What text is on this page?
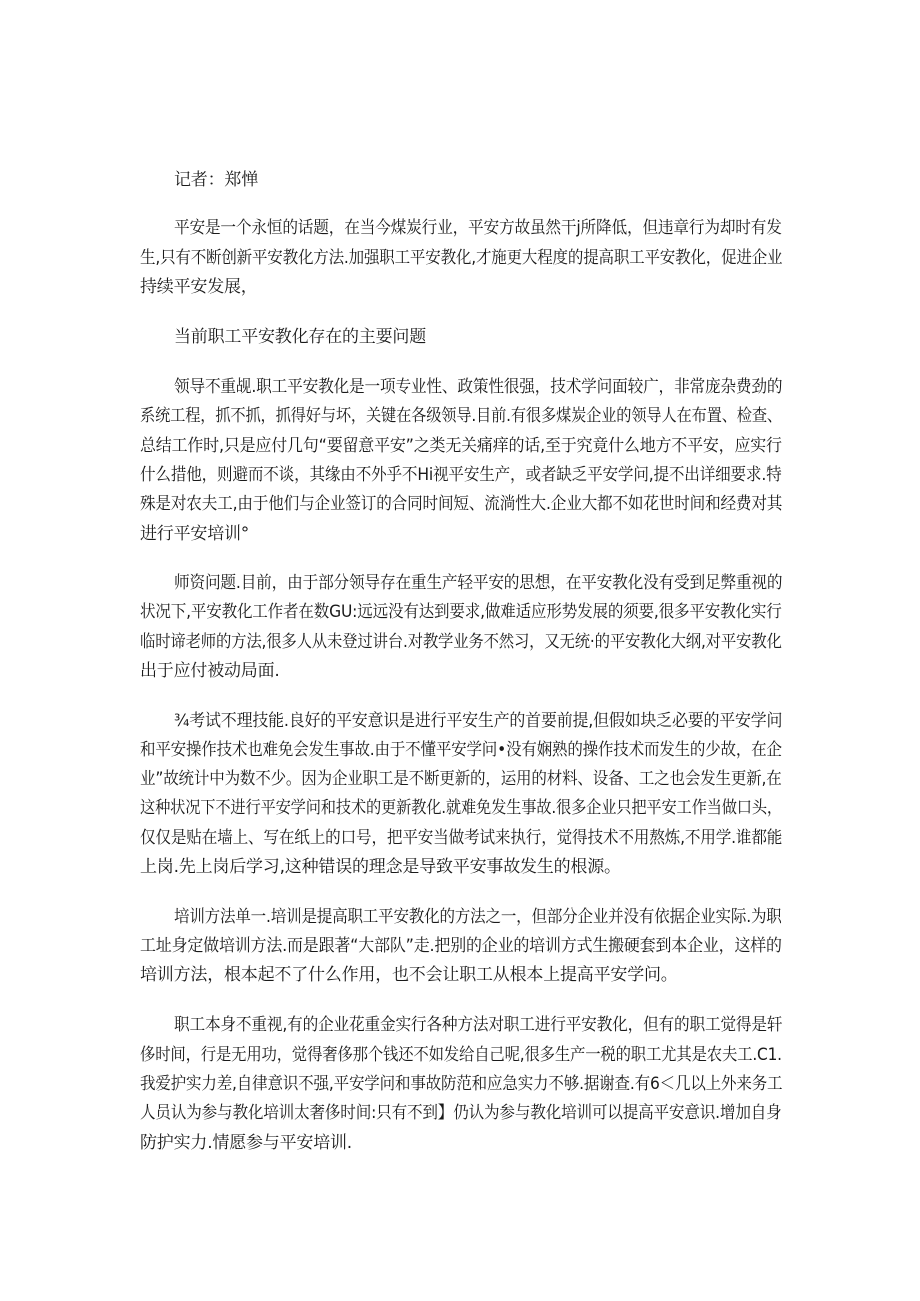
记者：郑惮
平安是一个永恒的话题，在当今煤炭行业，平安方故虽然干j所降低，但违章行为却时有发
生,只有不断创新平安教化方法.加强职工平安教化,才施更大程度的提高职工平安教化，促进企业
持续平安发展，
当前职工平安教化存在的主要问题
领导不重觇.职工平安教化是一项专业性、政策性很强，技术学问面较广，非常庞杂费劲的
系统工程，抓不抓，抓得好与坏，关键在各级领导.目前.有很多煤炭企业的领导人在布置、检查、
总结工作时,只是应付几句“要留意平安”之类无关痛痒的话,至于究竟什么地方不平安，应实行
什么措他，则避而不谈，其缘由不外乎不Hi视平安生产，或者缺乏平安学问,提不出详细要求.特
殊是对农夫工,由于他们与企业签订的合同时间短、流淌性大.企业大都不如花世时间和经费对其
进行平安培训°
师资问题.目前，由于部分领导存在重生产轻平安的思想，在平安教化没有受到足弊重视的
状况下,平安教化工作者在数GU:远远没有达到要求,做难适应形势发展的须要,很多平安教化实行
临时谛老师的方法,很多人从未登过讲台.对教学业务不然习，又无统·的平安教化大纲,对平安教化
出于应付被动局面.
¾考试不理技能.良好的平安意识是进行平安生产的首要前提,但假如块乏必要的平安学问
和平安操作技术也难免会发生事故.由于不懂平安学问•没有娴熟的操作技术而发生的少故，在企
业”故统计中为数不少。因为企业职工是不断更新的，运用的材料、设备、工之也会发生更新,在
这种状况下不进行平安学问和技术的更新教化.就难免发生事故.很多企业只把平安工作当做口头，
仅仅是贴在墙上、写在纸上的口号，把平安当做考试来执行，觉得技术不用熬炼,不用学.谁都能
上岗.先上岗后学习,这种错误的理念是导致平安事故发生的根源。
培训方法单一.培训是提高职工平安教化的方法之一，但部分企业并没有依据企业实际.为职
工址身定做培训方法.而是跟著“大部队”走.把别的企业的培训方式生搬硬套到本企业，这样的
培训方法，根本起不了什么作用，也不会让职工从根本上提高平安学问。
职工本身不重视,有的企业花重金实行各种方法对职工进行平安教化，但有的职工觉得是轩
侈时间，行是无用功，觉得奢侈那个钱还不如发给自己呢,很多生产一税的职工尤其是农夫工.C1.
我爱护实力差,自律意识不强,平安学问和事故防范和应急实力不够.据谢查.有6＜几以上外来务工
人员认为参与教化培训太奢侈时间:只有不到】仍认为参与教化培训可以提高平安意识.增加自身
防护实力.情愿参与平安培训.
